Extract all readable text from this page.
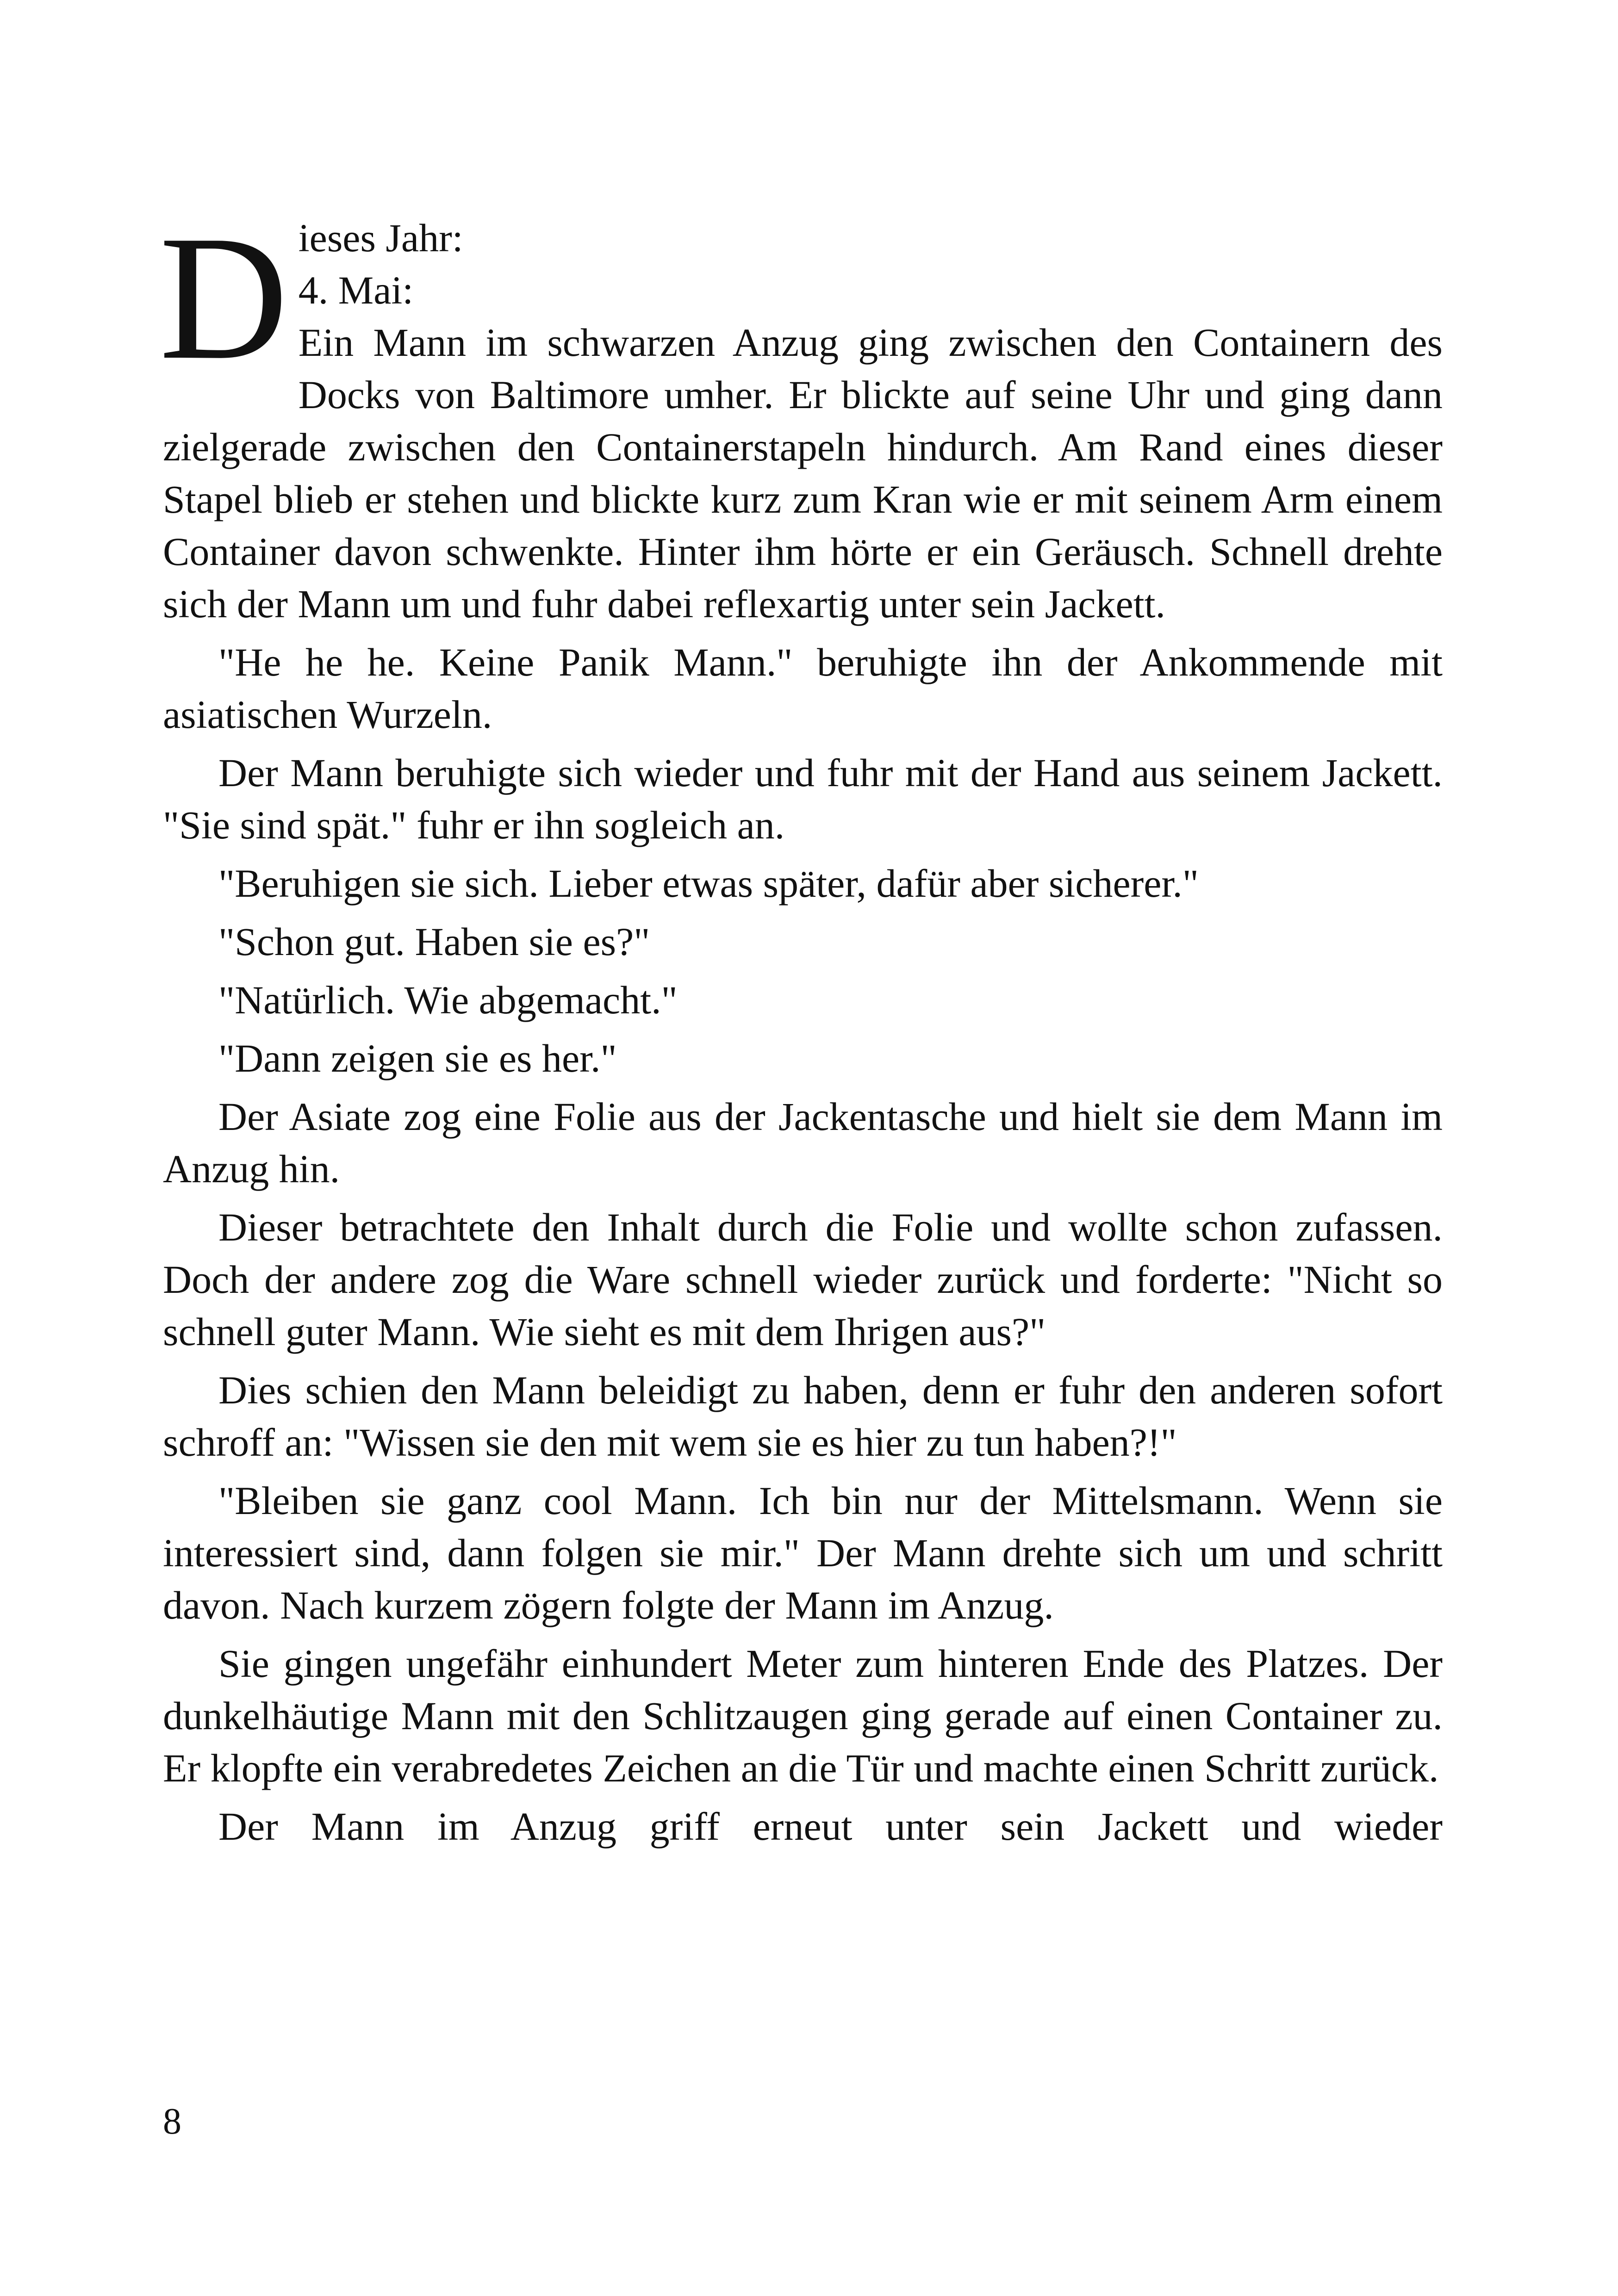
D ieses Jahr:
4. Mai:
Ein Mann im schwarzen Anzug ging zwischen den Containern des Docks von Baltimore umher. Er blickte auf seine Uhr und ging dann zielgerade zwischen den Containerstapeln hindurch. Am Rand eines dieser Stapel blieb er stehen und blickte kurz zum Kran wie er mit seinem Arm einem Container davon schwenkte. Hinter ihm hörte er ein Geräusch. Schnell drehte sich der Mann um und fuhr dabei reflexartig unter sein Jackett.

"He he he. Keine Panik Mann." beruhigte ihn der Ankommende mit asiatischen Wurzeln.

Der Mann beruhigte sich wieder und fuhr mit der Hand aus seinem Jackett. "Sie sind spät." fuhr er ihn sogleich an.

"Beruhigen sie sich. Lieber etwas später, dafür aber sicherer."

"Schon gut. Haben sie es?"

"Natürlich. Wie abgemacht."

"Dann zeigen sie es her."

Der Asiate zog eine Folie aus der Jackentasche und hielt sie dem Mann im Anzug hin.

Dieser betrachtete den Inhalt durch die Folie und wollte schon zufassen. Doch der andere zog die Ware schnell wieder zurück und forderte: "Nicht so schnell guter Mann. Wie sieht es mit dem Ihrigen aus?"

Dies schien den Mann beleidigt zu haben, denn er fuhr den anderen sofort schroff an: "Wissen sie den mit wem sie es hier zu tun haben?!"

"Bleiben sie ganz cool Mann. Ich bin nur der Mittelsmann. Wenn sie interessiert sind, dann folgen sie mir." Der Mann drehte sich um und schritt davon. Nach kurzem zögern folgte der Mann im Anzug.

Sie gingen ungefähr einhundert Meter zum hinteren Ende des Platzes. Der dunkelhäutige Mann mit den Schlitzaugen ging gerade auf einen Container zu. Er klopfte ein verabredetes Zeichen an die Tür und machte einen Schritt zurück.

Der Mann im Anzug griff erneut unter sein Jackett und wieder

8
